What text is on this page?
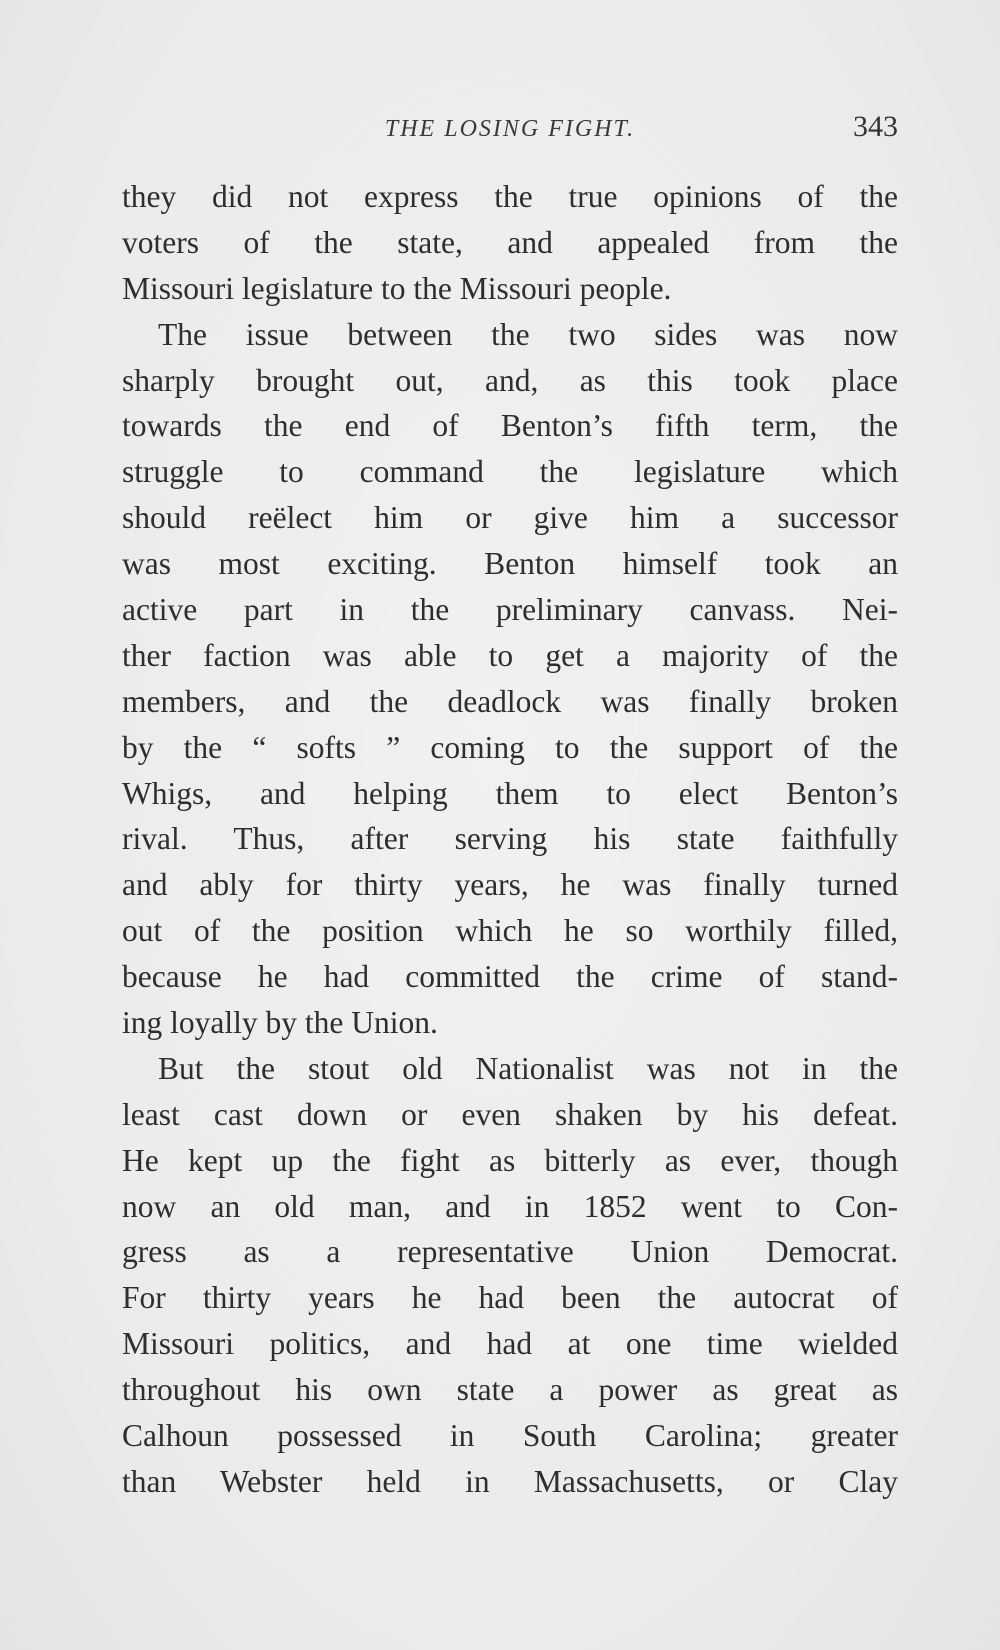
THE LOSING FIGHT.	343
they did not express the true opinions of the
voters of the state, and appealed from the
Missouri legislature to the Missouri people.
The issue between the two sides was now
sharply brought out, and, as this took place
towards the end of Benton’s fifth term, the
struggle to command the legislature which
should reëlect him or give him a successor
was most exciting. Benton himself took an
active part in the preliminary canvass. Nei-
ther faction was able to get a majority of the
members, and the deadlock was finally broken
by the “ softs ” coming to the support of the
Whigs, and helping them to elect Benton’s
rival. Thus, after serving his state faithfully
and ably for thirty years, he was finally turned
out of the position which he so worthily filled,
because he had committed the crime of stand-
ing loyally by the Union.
But the stout old Nationalist was not in the
least cast down or even shaken by his defeat.
He kept up the fight as bitterly as ever, though
now an old man, and in 1852 went to Con-
gress as a representative Union Democrat.
For thirty years he had been the autocrat of
Missouri politics, and had at one time wielded
throughout his own state a power as great as
Calhoun possessed in South Carolina; greater
than Webster held in Massachusetts, or Clay
